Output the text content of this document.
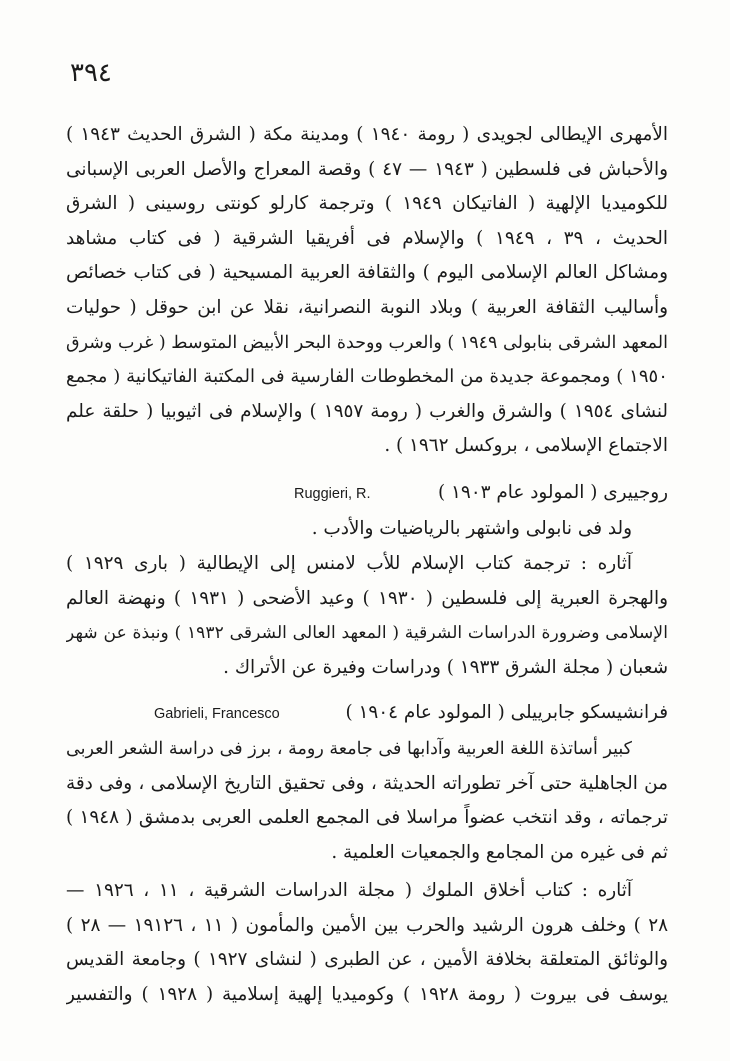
٣٩٤
الأمهرى الإيطالى لجويدى ( رومة ١٩٤٠ ) ومدينة مكة ( الشرق الحديث ١٩٤٣ )
والأحباش فى فلسطين ( ١٩٤٣ — ٤٧ ) وقصة المعراج والأصل العربى الإسبانى
للكوميديا الإلهية ( الفاتيكان ١٩٤٩ ) وترجمة كارلو كونتى روسينى ( الشرق
الحديث ، ٣٩ ، ١٩٤٩ ) والإسلام فى أفريقيا الشرقية ( فى كتاب مشاهد
ومشاكل العالم الإسلامى اليوم ) والثقافة العربية المسيحية ( فى كتاب خصائص
وأساليب الثقافة العربية ) وبلاد النوبة النصرانية، نقلا عن ابن حوقل ( حوليات
المعهد الشرقى بنابولى ١٩٤٩ ) والعرب ووحدة البحر الأبيض المتوسط ( غرب وشرق
١٩٥٠ ) ومجموعة جديدة من المخطوطات الفارسية فى المكتبة الفاتيكانية ( مجمع
لنشاى ١٩٥٤ ) والشرق والغرب ( رومة ١٩٥٧ ) والإسلام فى اثيوبيا ( حلقة علم
الاجتماع الإسلامى ، بروكسل ١٩٦٢ ) .
روجييرى ( المولود عام ١٩٠٣ )
Ruggieri, R.
ولد فى نابولى واشتهر بالرياضيات والأدب .
آثاره : ترجمة كتاب الإسلام للأب لامنس إلى الإيطالية ( بارى ١٩٢٩ )
والهجرة العبرية إلى فلسطين ( ١٩٣٠ ) وعيد الأضحى ( ١٩٣١ ) ونهضة العالم
الإسلامى وضرورة الدراسات الشرقية ( المعهد العالى الشرقى ١٩٣٢ ) ونبذة عن شهر
شعبان ( مجلة الشرق ١٩٣٣ ) ودراسات وفيرة عن الأتراك .
فرانشيسكو جابرييلى ( المولود عام ١٩٠٤ )
Gabrieli, Francesco
كبير أساتذة اللغة العربية وآدابها فى جامعة رومة ، برز فى دراسة الشعر العربى
من الجاهلية حتى آخر تطوراته الحديثة ، وفى تحقيق التاريخ الإسلامى ، وفى دقة
ترجماته ، وقد انتخب عضواً مراسلا فى المجمع العلمى العربى بدمشق ( ١٩٤٨ )
ثم فى غيره من المجامع والجمعيات العلمية .
آثاره : كتاب أخلاق الملوك ( مجلة الدراسات الشرقية ، ١١ ، ١٩٢٦ —
٢٨ ) وخلف هرون الرشيد والحرب بين الأمين والمأمون ( ١١ ، ١٩١٢٦ — ٢٨ )
والوثائق المتعلقة بخلافة الأمين ، عن الطبرى ( لنشاى ١٩٢٧ ) وجامعة القديس
يوسف فى بيروت ( رومة ١٩٢٨ ) وكوميديا إلهية إسلامية ( ١٩٢٨ ) والتفسير
